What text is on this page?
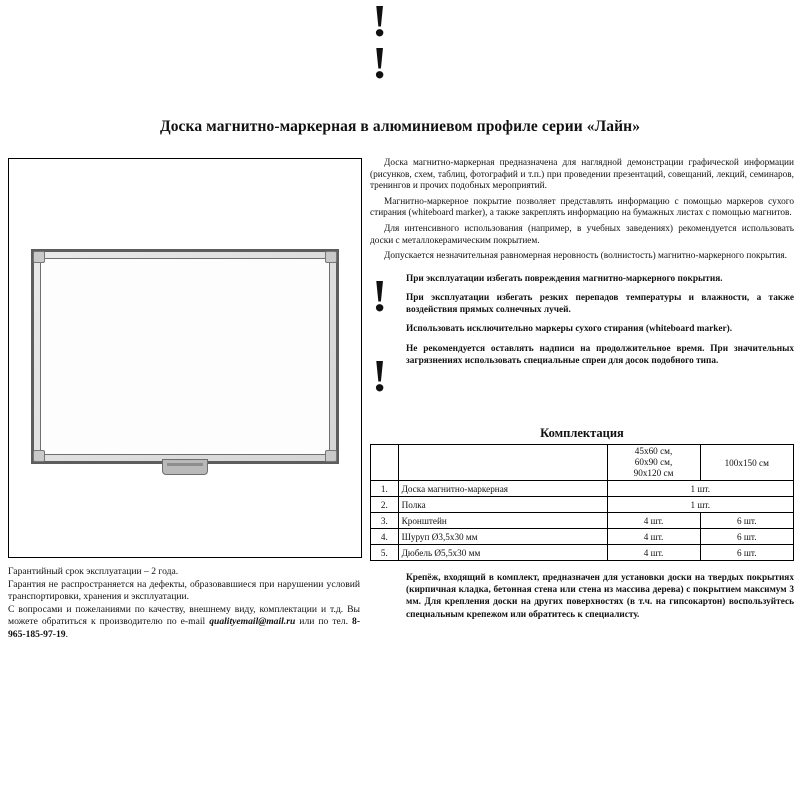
Доска магнитно-маркерная в алюминиевом профиле серии «Лайн»

Доска магнитно-маркерная предназначена для наглядной демонстрации графической информации (рисунков, схем, таблиц, фотографий и т.п.) при проведении презентаций, совещаний, лекций, семинаров, тренингов и прочих подобных мероприятий.

Магнитно-маркерное покрытие позволяет представлять информацию с помощью маркеров сухого стирания (whiteboard marker), а также закреплять информацию на бумажных листах с помощью магнитов.

Для интенсивного использования (например, в учебных заведениях) рекомендуется использовать доски с металлокерамическим покрытием.

Допускается незначительная равномерная неровность (волнистость) магнитно-маркерного покрытия.

!
!

При эксплуатации избегать повреждения магнитно-маркерного покрытия.

При эксплуатации избегать резких перепадов температуры и влажности, а также воздействия прямых солнечных лучей.

Использовать исключительно маркеры сухого стирания (whiteboard marker).

Не рекомендуется оставлять надписи на продолжительное время. При значительных загрязнениях использовать специальные спреи для досок подобного типа.

Комплектация

		45х60 см,
60х90 см,
90х120 см	100х150 см
1.	Доска магнитно-маркерная	1 шт.	
2.	Полка	1 шт.	
3.	Кронштейн	4 шт.	6 шт.
4.	Шуруп Ø3,5х30 мм	4 шт.	6 шт.
5.	Дюбель Ø5,5х30 мм	4 шт.	6 шт.

Гарантийный срок эксплуатации – 2 года.

Гарантия не распространяется на дефекты, образовавшиеся при нарушении условий транспортировки, хранения и эксплуатации.

С вопросами и пожеланиями по качеству, внешнему виду, комплектации и т.д. Вы можете обратиться к производителю по e-mail qualityemail@mail.ru или по тел. 8-965-185-97-19.

!
!

Крепёж, входящий в комплект, предназначен для установки доски на твердых покрытиях (кирпичная кладка, бетонная стена или стена из массива дерева) с покрытием максимум 3 мм. Для крепления доски на других поверхностях (в т.ч. на гипсокартон) воспользуйтесь специальным крепежом или обратитесь к специалисту.
